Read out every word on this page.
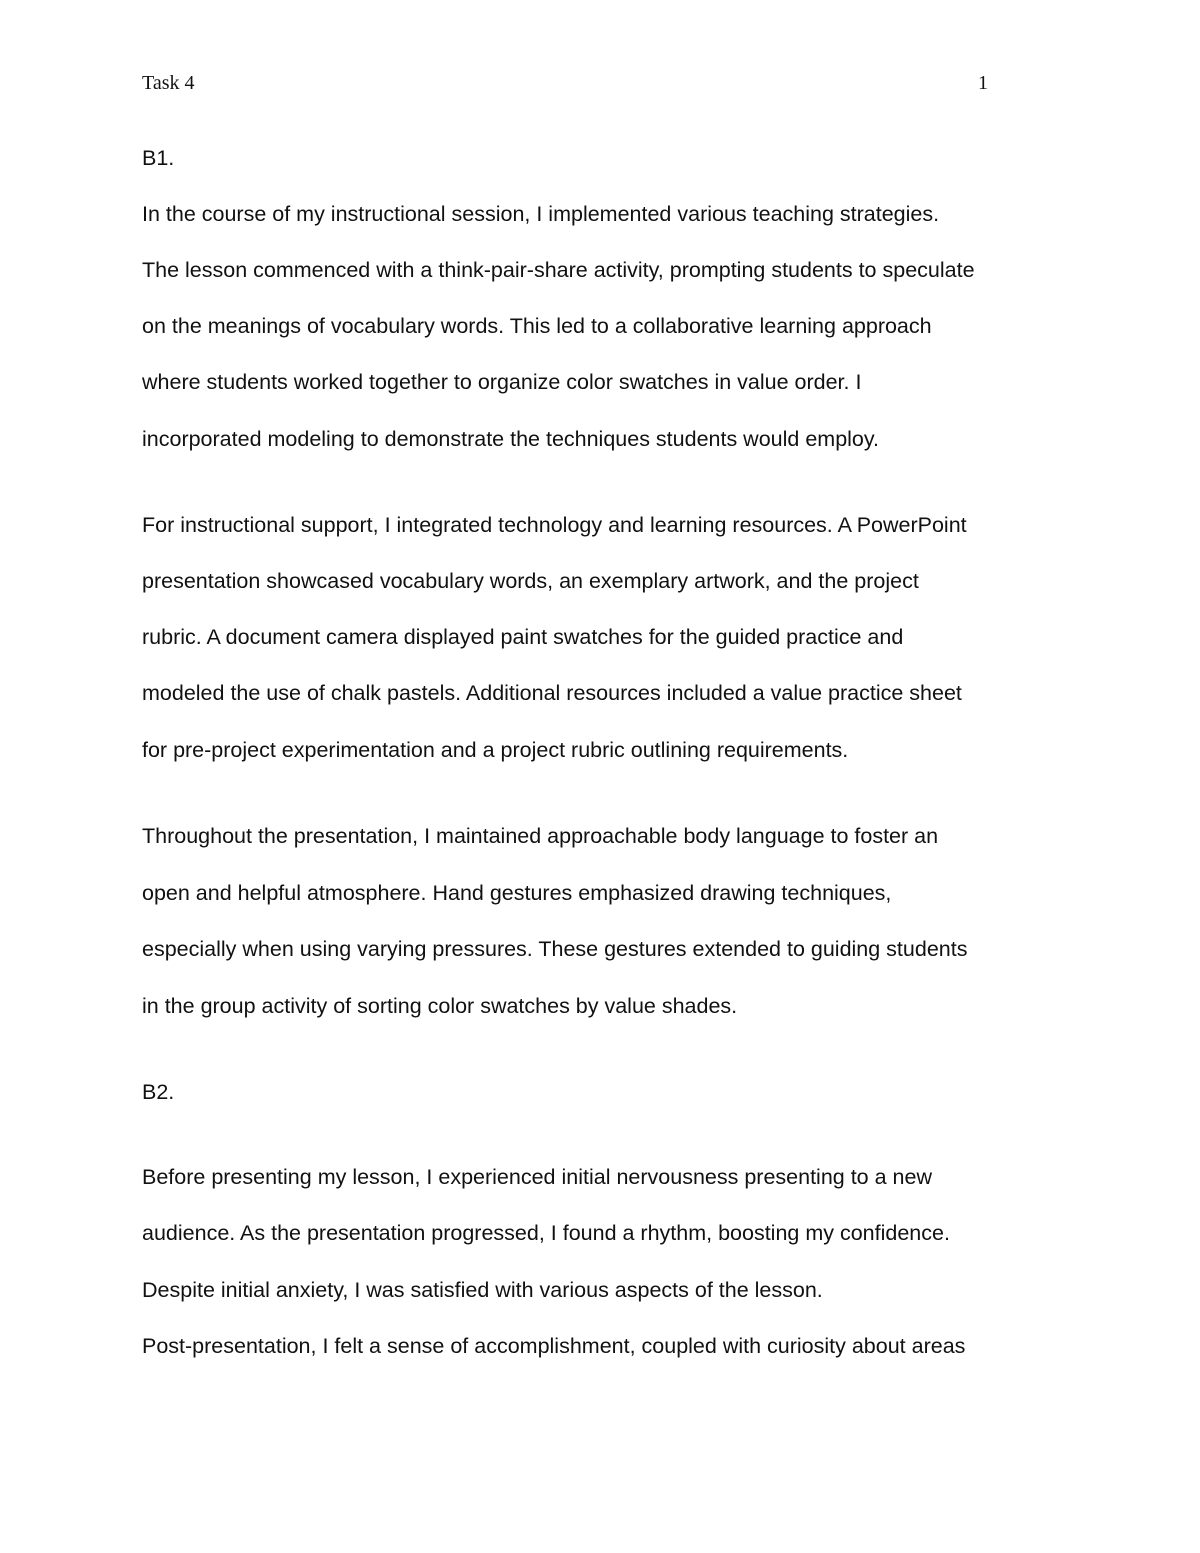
Task 4	1
B1.
In the course of my instructional session, I implemented various teaching strategies.
The lesson commenced with a think-pair-share activity, prompting students to speculate
on the meanings of vocabulary words. This led to a collaborative learning approach
where students worked together to organize color swatches in value order. I
incorporated modeling to demonstrate the techniques students would employ.
For instructional support, I integrated technology and learning resources. A PowerPoint
presentation showcased vocabulary words, an exemplary artwork, and the project
rubric. A document camera displayed paint swatches for the guided practice and
modeled the use of chalk pastels. Additional resources included a value practice sheet
for pre-project experimentation and a project rubric outlining requirements.
Throughout the presentation, I maintained approachable body language to foster an
open and helpful atmosphere. Hand gestures emphasized drawing techniques,
especially when using varying pressures. These gestures extended to guiding students
in the group activity of sorting color swatches by value shades.
B2.
Before presenting my lesson, I experienced initial nervousness presenting to a new
audience. As the presentation progressed, I found a rhythm, boosting my confidence.
Despite initial anxiety, I was satisfied with various aspects of the lesson.
Post-presentation, I felt a sense of accomplishment, coupled with curiosity about areas
